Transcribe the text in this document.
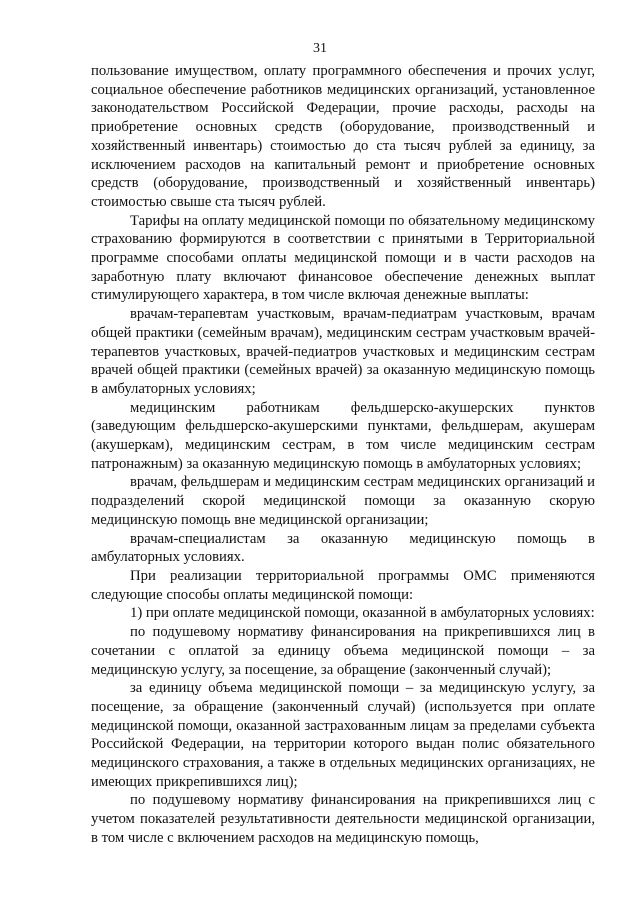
31

пользование имуществом, оплату программного обеспечения и прочих услуг, социальное обеспечение работников медицинских организаций, установленное законодательством Российской Федерации, прочие расходы, расходы на приобретение основных средств (оборудование, производственный и хозяйственный инвентарь) стоимостью до ста тысяч рублей за единицу, за исключением расходов на капитальный ремонт и приобретение основных средств (оборудование, производственный и хозяйственный инвентарь) стоимостью свыше ста тысяч рублей.

Тарифы на оплату медицинской помощи по обязательному медицинскому страхованию формируются в соответствии с принятыми в Территориальной программе способами оплаты медицинской помощи и в части расходов на заработную плату включают финансовое обеспечение денежных выплат стимулирующего характера, в том числе включая денежные выплаты:

врачам-терапевтам участковым, врачам-педиатрам участковым, врачам общей практики (семейным врачам), медицинским сестрам участковым врачей-терапевтов участковых, врачей-педиатров участковых и медицинским сестрам врачей общей практики (семейных врачей) за оказанную медицинскую помощь в амбулаторных условиях;

медицинским работникам фельдшерско-акушерских пунктов (заведующим фельдшерско-акушерскими пунктами, фельдшерам, акушерам (акушеркам), медицинским сестрам, в том числе медицинским сестрам патронажным) за оказанную медицинскую помощь в амбулаторных условиях;

врачам, фельдшерам и медицинским сестрам медицинских организаций и подразделений скорой медицинской помощи за оказанную скорую медицинскую помощь вне медицинской организации;

врачам-специалистам за оказанную медицинскую помощь в амбулаторных условиях.

При реализации территориальной программы ОМС применяются следующие способы оплаты медицинской помощи:

1) при оплате медицинской помощи, оказанной в амбулаторных условиях:

по подушевому нормативу финансирования на прикрепившихся лиц в сочетании с оплатой за единицу объема медицинской помощи – за медицинскую услугу, за посещение, за обращение (законченный случай);

за единицу объема медицинской помощи – за медицинскую услугу, за посещение, за обращение (законченный случай) (используется при оплате медицинской помощи, оказанной застрахованным лицам за пределами субъекта Российской Федерации, на территории которого выдан полис обязательного медицинского страхования, а также в отдельных медицинских организациях, не имеющих прикрепившихся лиц);

по подушевому нормативу финансирования на прикрепившихся лиц с учетом показателей результативности деятельности медицинской организации, в том числе с включением расходов на медицинскую помощь,
